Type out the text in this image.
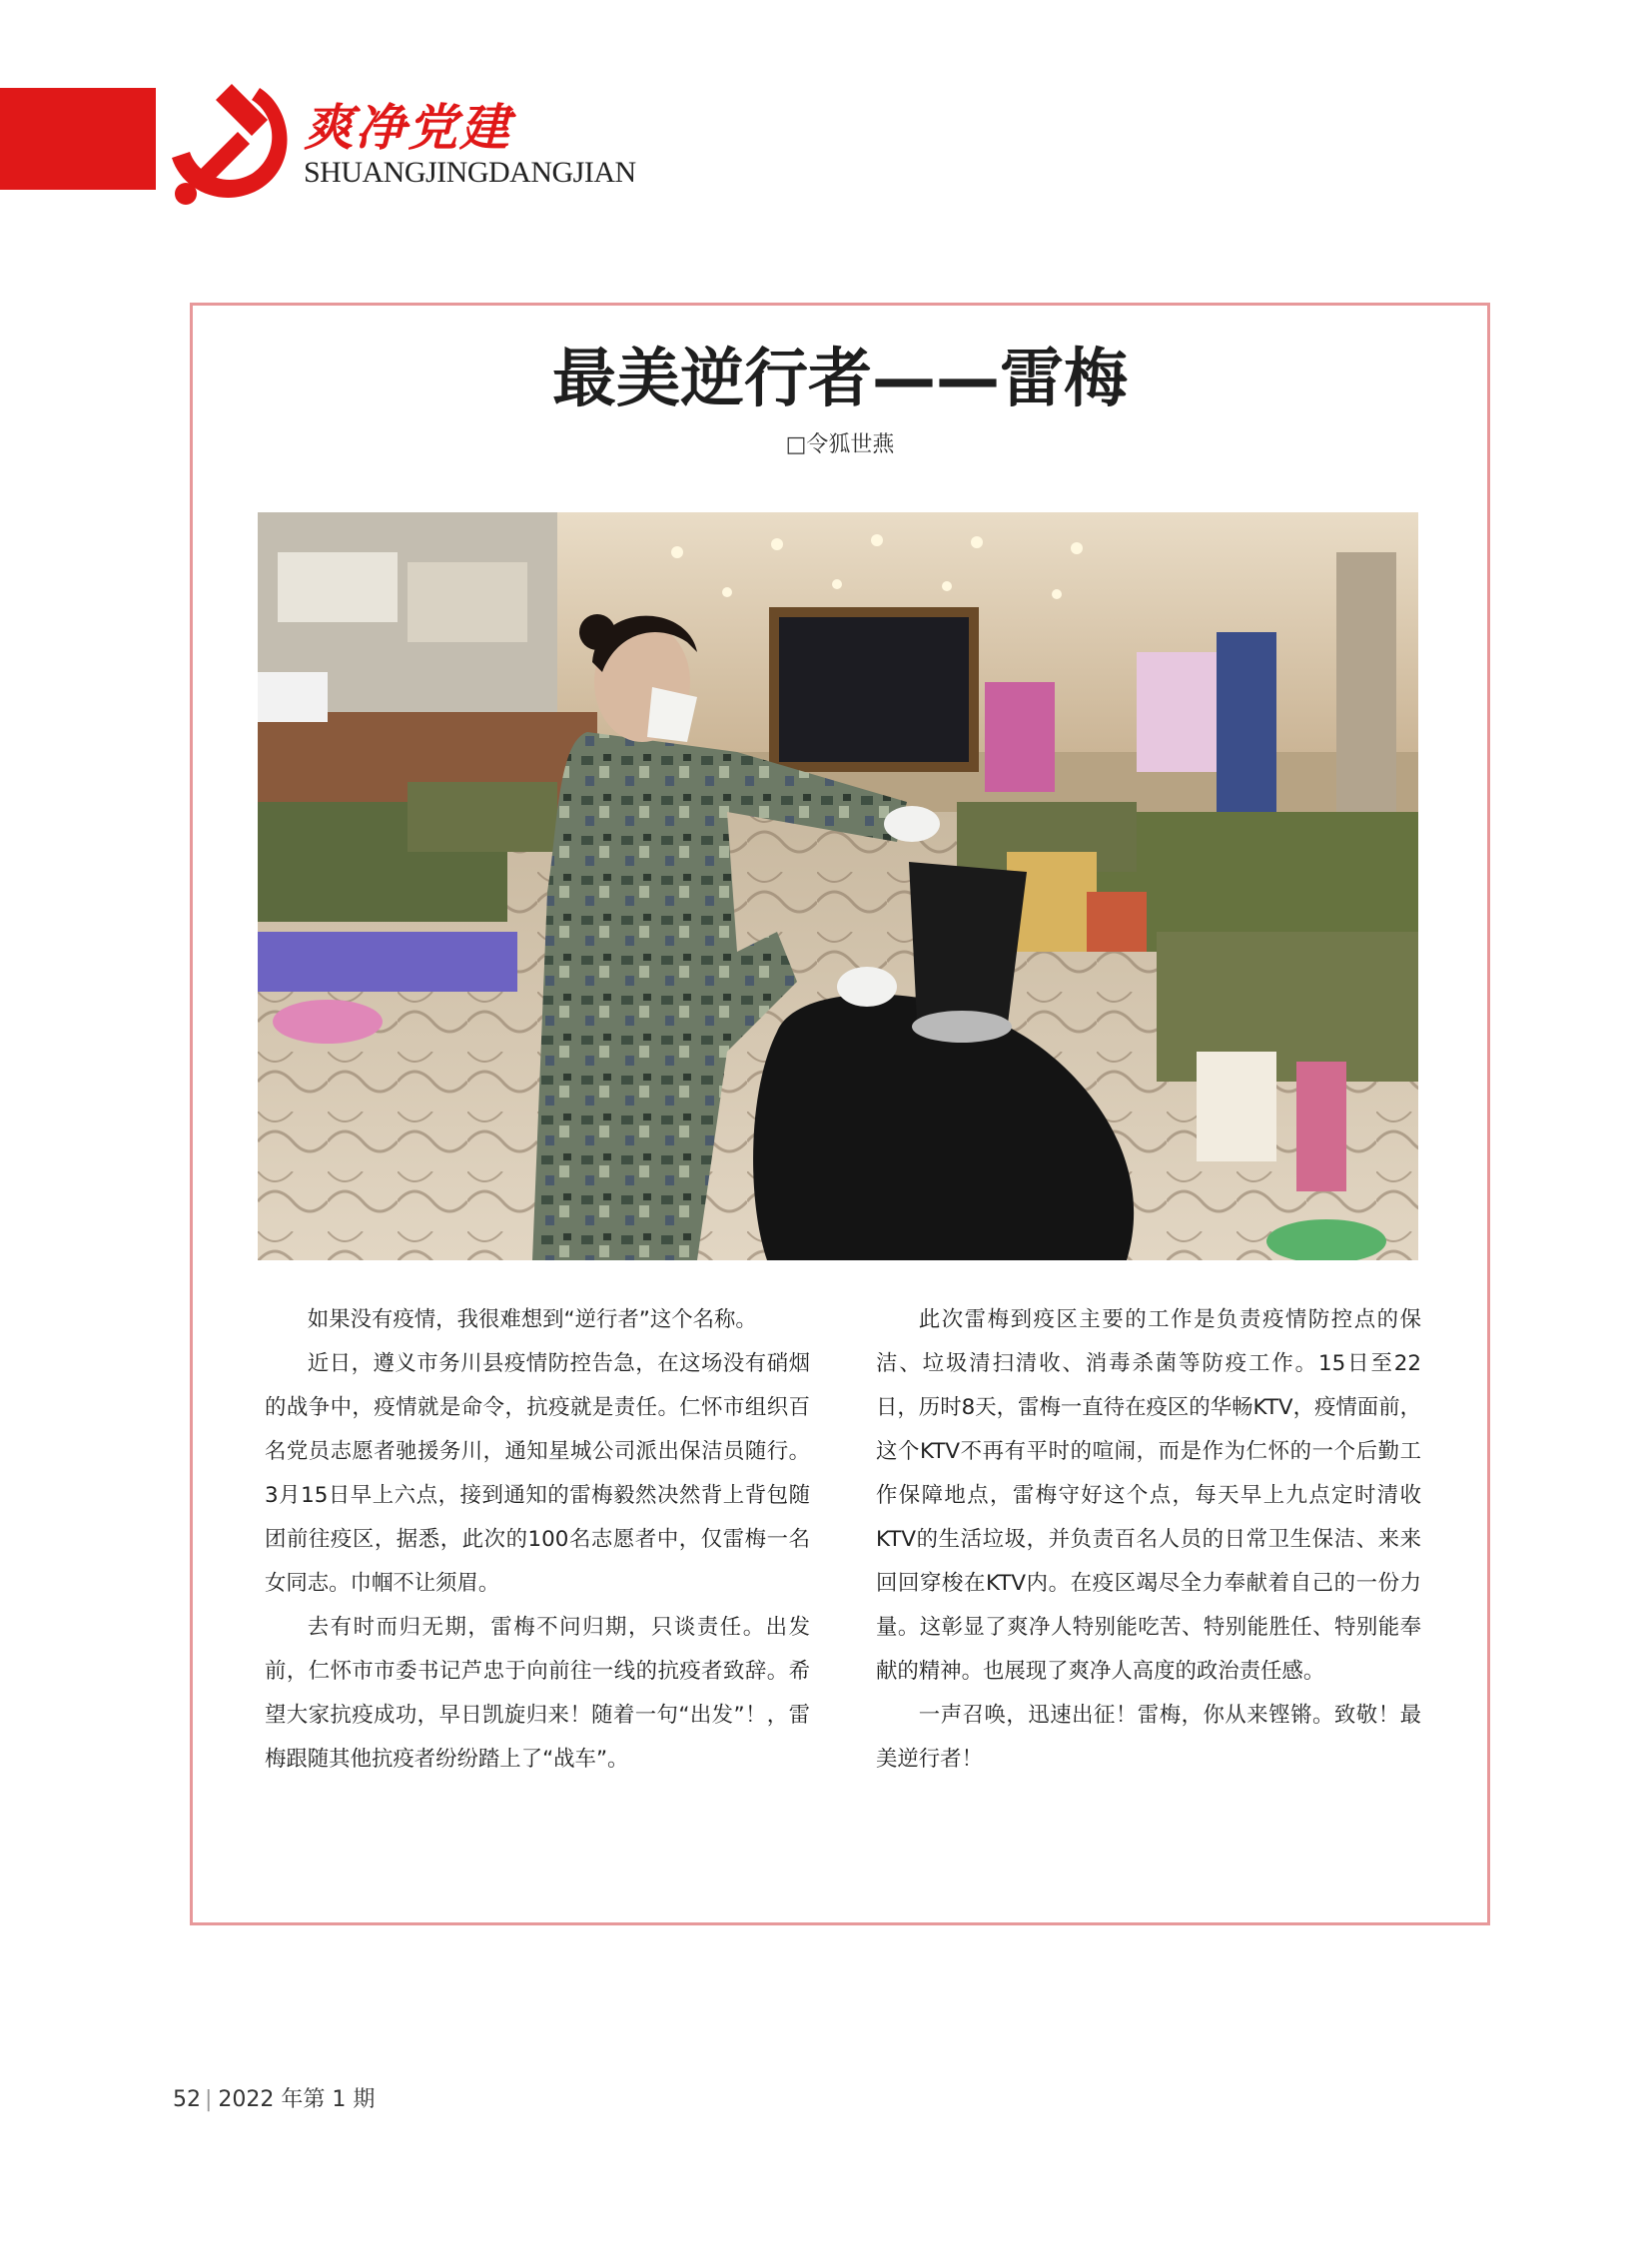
爽净党建
SHUANGJINGDANGJIAN
最美逆行者——雷梅
□令狐世燕

如果没有疫情，我很难想到“逆行者”这个名称。

近日，遵义市务川县疫情防控告急，在这场没有硝烟的战争中，疫情就是命令，抗疫就是责任。仁怀市组织百名党员志愿者驰援务川，通知星城公司派出保洁员随行。3月15日早上六点，接到通知的雷梅毅然决然背上背包随团前往疫区，据悉，此次的100名志愿者中，仅雷梅一名女同志。巾帼不让须眉。

去有时而归无期，雷梅不问归期，只谈责任。出发前，仁怀市市委书记芦忠于向前往一线的抗疫者致辞。希望大家抗疫成功，早日凯旋归来！随着一句“出发”！，雷梅跟随其他抗疫者纷纷踏上了“战车”。

此次雷梅到疫区主要的工作是负责疫情防控点的保洁、垃圾清扫清收、消毒杀菌等防疫工作。15日至22日，历时8天，雷梅一直待在疫区的华畅KTV，疫情面前，这个KTV不再有平时的喧闹，而是作为仁怀的一个后勤工作保障地点，雷梅守好这个点，每天早上九点定时清收KTV的生活垃圾，并负责百名人员的日常卫生保洁、来来回回穿梭在KTV内。在疫区竭尽全力奉献着自己的一份力量。这彰显了爽净人特别能吃苦、特别能胜任、特别能奉献的精神。也展现了爽净人高度的政治责任感。

一声召唤，迅速出征！雷梅，你从来铿锵。致敬！最美逆行者！

52 | 2022 年第 1 期
